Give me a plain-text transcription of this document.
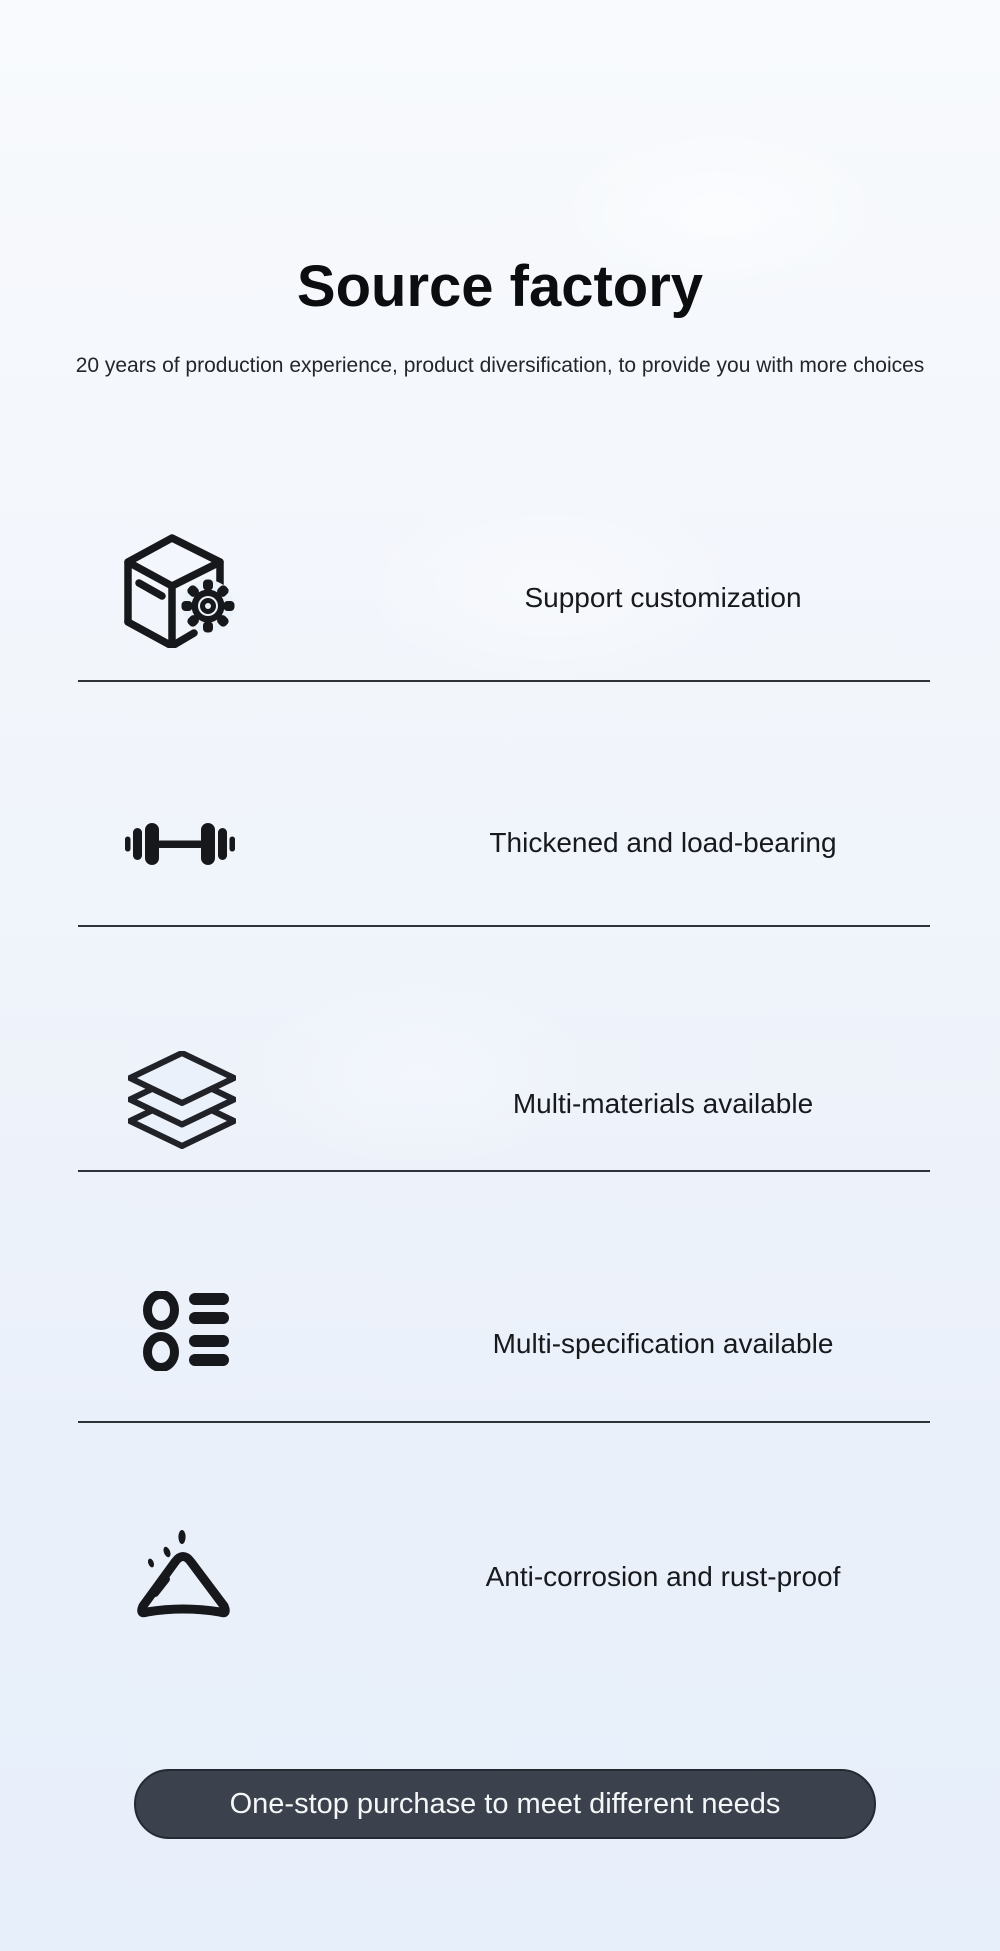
Source factory
20 years of production experience, product diversification, to provide you with more choices
Support customization
Thickened and load-bearing
Multi-materials available
Multi-specification available
Anti-corrosion and rust-proof
One-stop purchase to meet different needs
